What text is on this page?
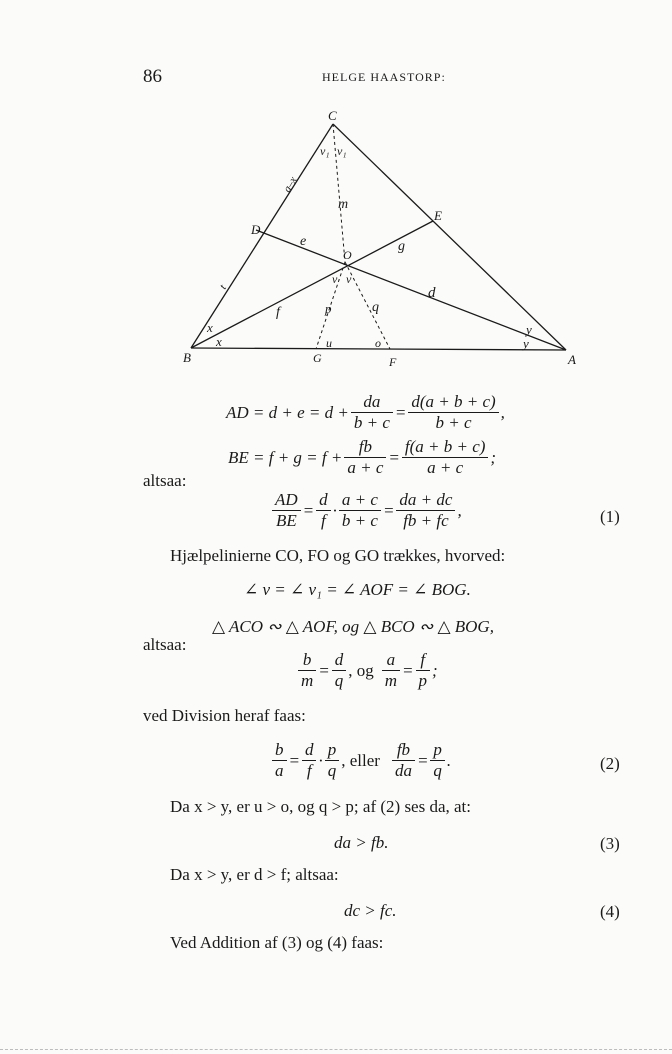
86	HELGE HAASTORP:
C
D
E
O
B	G	F	A
v₁ v₁
m
e	g
d
v v
p	q
f
x
x
y
y
u	o
a–x
t
AD = $d + e = d + \frac{da}{b + c} = \frac{d(a + b + c)}{b + c}$ ,
BE = $f + g = f + \frac{fb}{a + c} = \frac{f(a + b + c)}{a + c}$ ;
altsaa:
$\frac{AD}{BE} = \frac{d}{f} \cdot \frac{a + c}{b + c} = \frac{da + dc}{fb + fc}$ ,	(1)
Hjælpelinierne CO, FO og GO trækkes, hvorved:
∠ v = ∠ v₁ = ∠ AOF = ∠ BOG.
△ ACO ∾ △ AOF, og △ BCO ∾ △ BOG,
altsaa:
$\frac{b}{m} = \frac{d}{q}$ , og $\frac{a}{m} = \frac{f}{p}$ ;
ved Division heraf faas:
$\frac{b}{a} = \frac{d}{f} \cdot \frac{p}{q}$ , eller $\frac{fb}{da} = \frac{p}{q}$ .	(2)
Da x > y, er u > o, og q > p; af (2) ses da, at:
da > fb.	(3)
Da x > y, er d > f; altsaa:
dc > fc.	(4)
Ved Addition af (3) og (4) faas:
